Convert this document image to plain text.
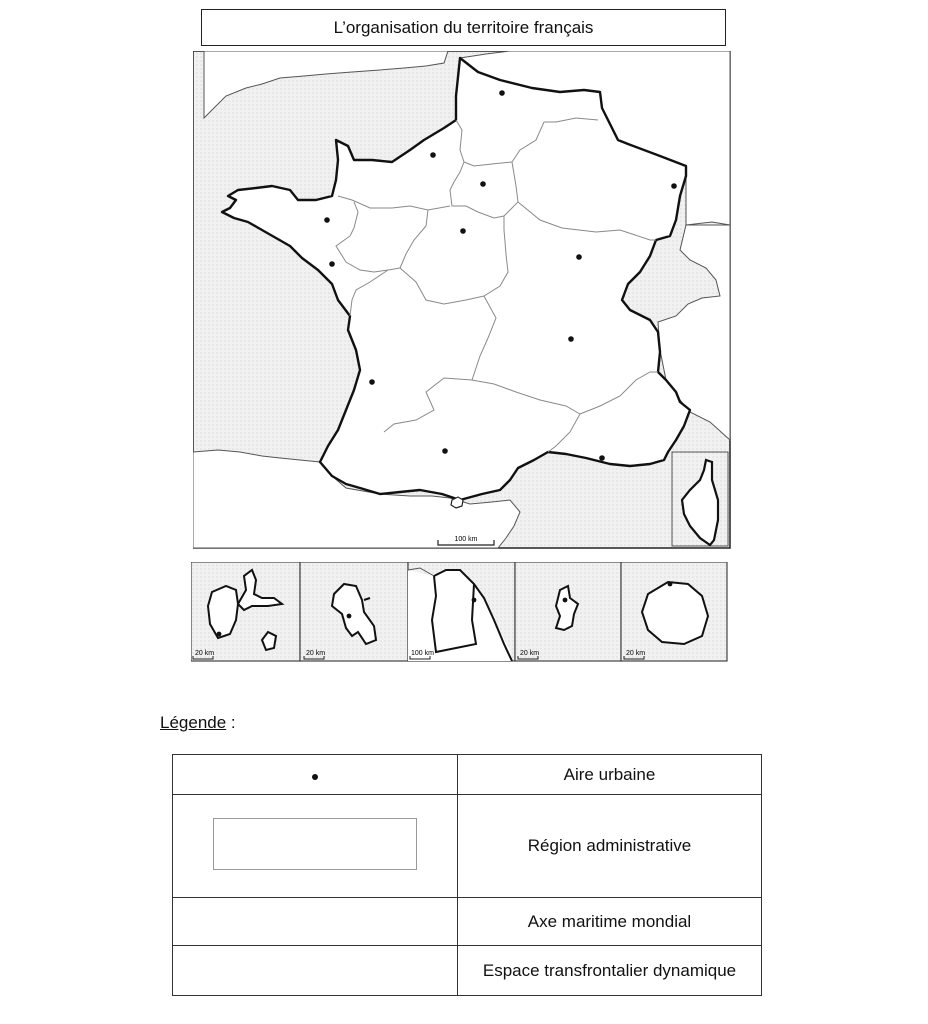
L’organisation du territoire français
100 km
20 km	20 km	100 km	20 km	20 km
Légende :
	Aire urbaine
	Région administrative
	Axe maritime mondial
	Espace transfrontalier dynamique
